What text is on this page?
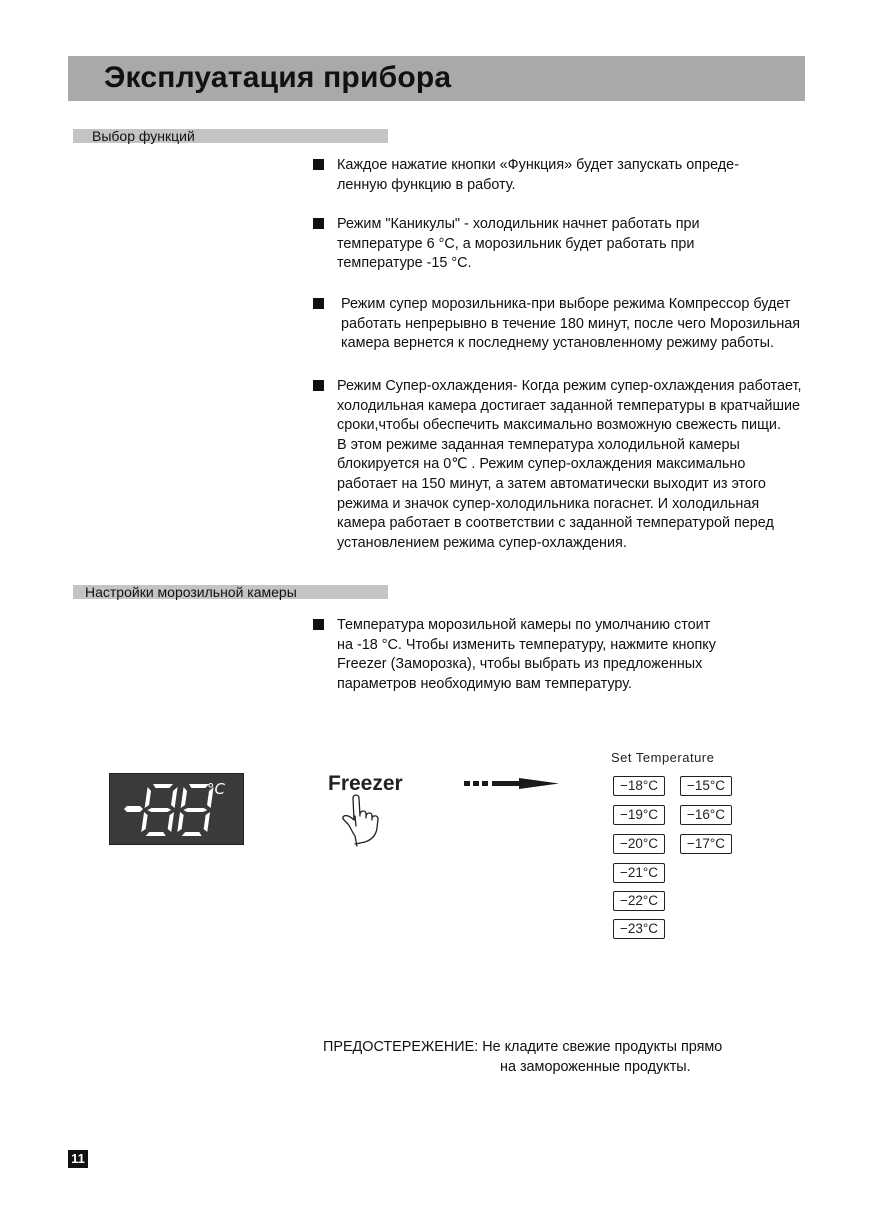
Эксплуатация прибора
Выбор функций
Каждое нажатие кнопки «Функция» будет запускать опреде-
ленную функцию в работу.
Режим "Каникулы" - холодильник начнет работать при
температуре 6 °C, а морозильник будет работать при
температуре -15 °C.
Режим супер морозильника-при выборе режима Компрессор будет
работать непрерывно в течение 180 минут, после чего Морозильная
камера вернется к последнему установленному режиму работы.
Режим Супер-охлаждения- Когда режим супер-охлаждения работает,
холодильная камера достигает заданной температуры в кратчайшие
сроки,чтобы обеспечить максимально возможную свежесть пищи.
В этом режиме заданная температура холодильной камеры
блокируется на 0℃ . Режим супер-охлаждения максимально
работает на 150 минут, а затем автоматически выходит из этого
режима и значок супер-холодильника погаснет. И холодильная
камера работает в соответствии с заданной температурой перед
установлением режима супер-охлаждения.
Настройки морозильной камеры
Температура морозильной камеры по умолчанию стоит
на -18 °C. Чтобы изменить температуру, нажмите кнопку
Freezer (Заморозка), чтобы выбрать из предложенных
параметров необходимую вам температуру.
°C	Freezer
Set Temperature
−18°C
−19°C
−20°C
−21°C
−22°C
−23°C
−15°C
−16°C
−17°C
ПРЕДОСТЕРЕЖЕНИЕ: Не кладите свежие продукты прямо
на замороженные продукты.
11
